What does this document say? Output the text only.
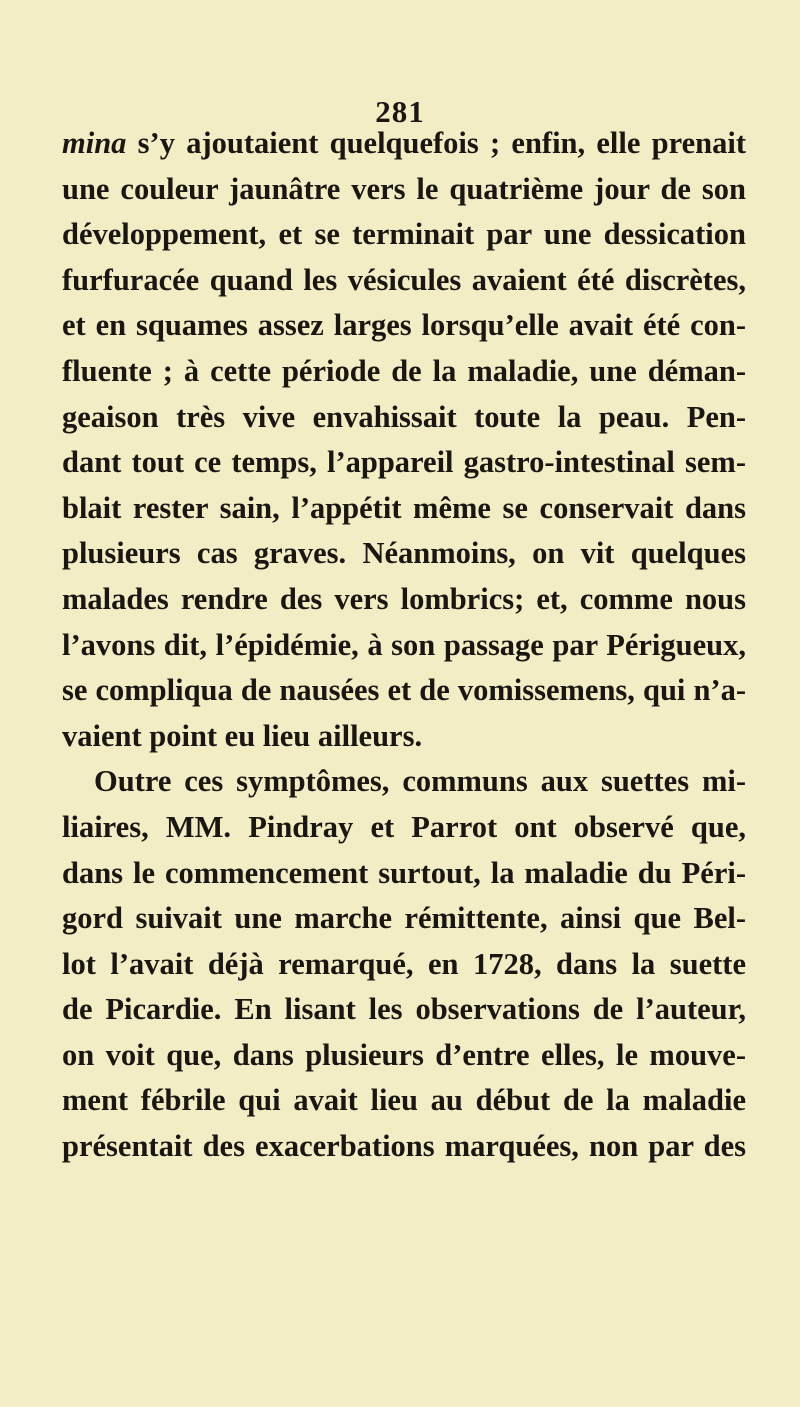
281
mina s’y ajoutaient quelquefois ; enfin, elle prenait
une couleur jaunâtre vers le quatrième jour de son
développement, et se terminait par une dessication
furfuracée quand les vésicules avaient été discrètes,
et en squames assez larges lorsqu’elle avait été con-
fluente ; à cette période de la maladie, une déman-
geaison très vive envahissait toute la peau. Pen-
dant tout ce temps, l’appareil gastro-intestinal sem-
blait rester sain, l’appétit même se conservait dans
plusieurs cas graves. Néanmoins, on vit quelques
malades rendre des vers lombrics; et, comme nous
l’avons dit, l’épidémie, à son passage par Périgueux,
se compliqua de nausées et de vomissemens, qui n’a-
vaient point eu lieu ailleurs.
Outre ces symptômes, communs aux suettes mi-
liaires, MM. Pindray et Parrot ont observé que,
dans le commencement surtout, la maladie du Péri-
gord suivait une marche rémittente, ainsi que Bel-
lot l’avait déjà remarqué, en 1728, dans la suette
de Picardie. En lisant les observations de l’auteur,
on voit que, dans plusieurs d’entre elles, le mouve-
ment fébrile qui avait lieu au début de la maladie
présentait des exacerbations marquées, non par des
